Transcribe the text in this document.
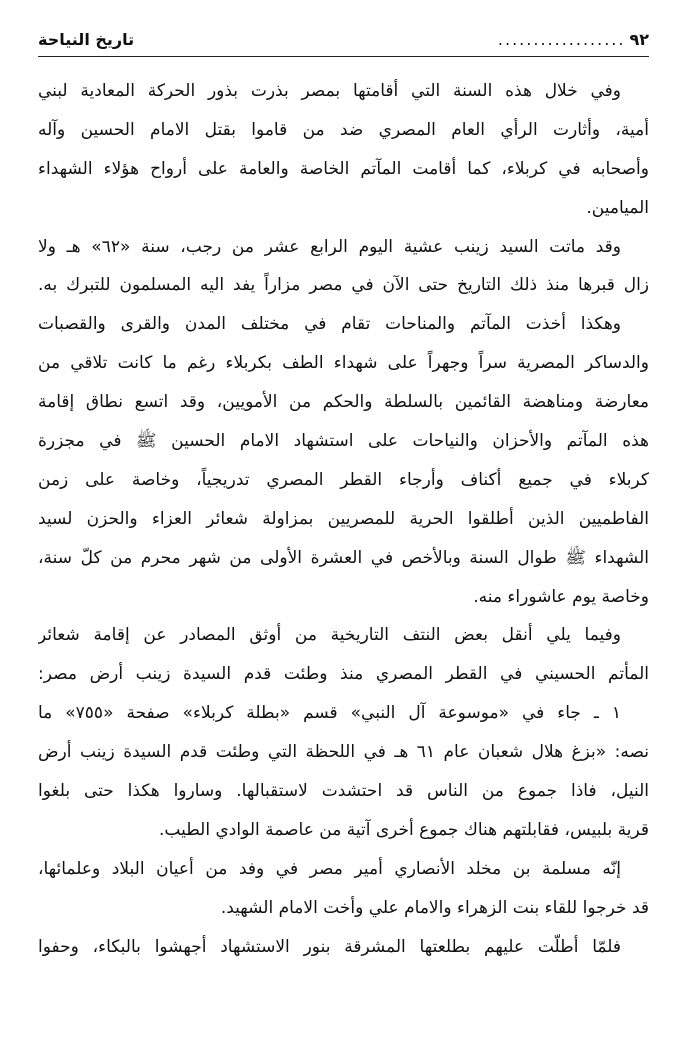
٩٢
..................
تاريخ النياحة
وفي خلال هذه السنة التي أقامتها بمصر بذرت بذور الحركة المعادية لبني
أمية، وأثارت الرأي العام المصري ضد من قاموا بقتل الامام الحسين وآله
وأصحابه في كربلاء، كما أقامت المآتم الخاصة والعامة على أرواح هؤلاء الشهداء
الميامين.
وقد ماتت السيد زينب عشية اليوم الرابع عشر من رجب، سنة «٦٢» هـ ولا
زال قبرها منذ ذلك التاريخ حتى الآن في مصر مزاراً يفد اليه المسلمون للتبرك به.
وهكذا أخذت المآتم والمناحات تقام في مختلف المدن والقرى والقصبات
والدساكر المصرية سراً وجهراً على شهداء الطف بكربلاء رغم ما كانت تلاقي من
معارضة ومناهضة القائمين بالسلطة والحكم من الأمويين، وقد اتسع نطاق إقامة
هذه المآتم والأحزان والنياحات على استشهاد الامام الحسين ﷺ في مجزرة
كربلاء في جميع أكناف وأرجاء القطر المصري تدريجياً، وخاصة على زمن
الفاطميين الذين أطلقوا الحرية للمصريين بمزاولة شعائر العزاء والحزن لسيد
الشهداء ﷺ طوال السنة وبالأخص في العشرة الأولى من شهر محرم من كلّ سنة،
وخاصة يوم عاشوراء منه.
وفيما يلي أنقل بعض النتف التاريخية من أوثق المصادر عن إقامة شعائر
المأتم الحسيني في القطر المصري منذ وطئت قدم السيدة زينب أرض مصر:
١ ـ جاء في «موسوعة آل النبي» قسم «بطلة كربلاء» صفحة «٧٥٥» ما
نصه: «بزغ هلال شعبان عام ٦١ هـ في اللحظة التي وطئت قدم السيدة زينب أرض
النيل، فاذا جموع من الناس قد احتشدت لاستقبالها. وساروا هكذا حتى بلغوا
قرية بلبيس، فقابلتهم هناك جموع أخرى آتية من عاصمة الوادي الطيب.
إنّه مسلمة بن مخلد الأنصاري أمير مصر في وفد من أعيان البلاد وعلمائها،
قد خرجوا للقاء بنت الزهراء والامام علي وأخت الامام الشهيد.
فلمّا أطلّت عليهم بطلعتها المشرقة بنور الاستشهاد أجهشوا بالبكاء، وحفوا
